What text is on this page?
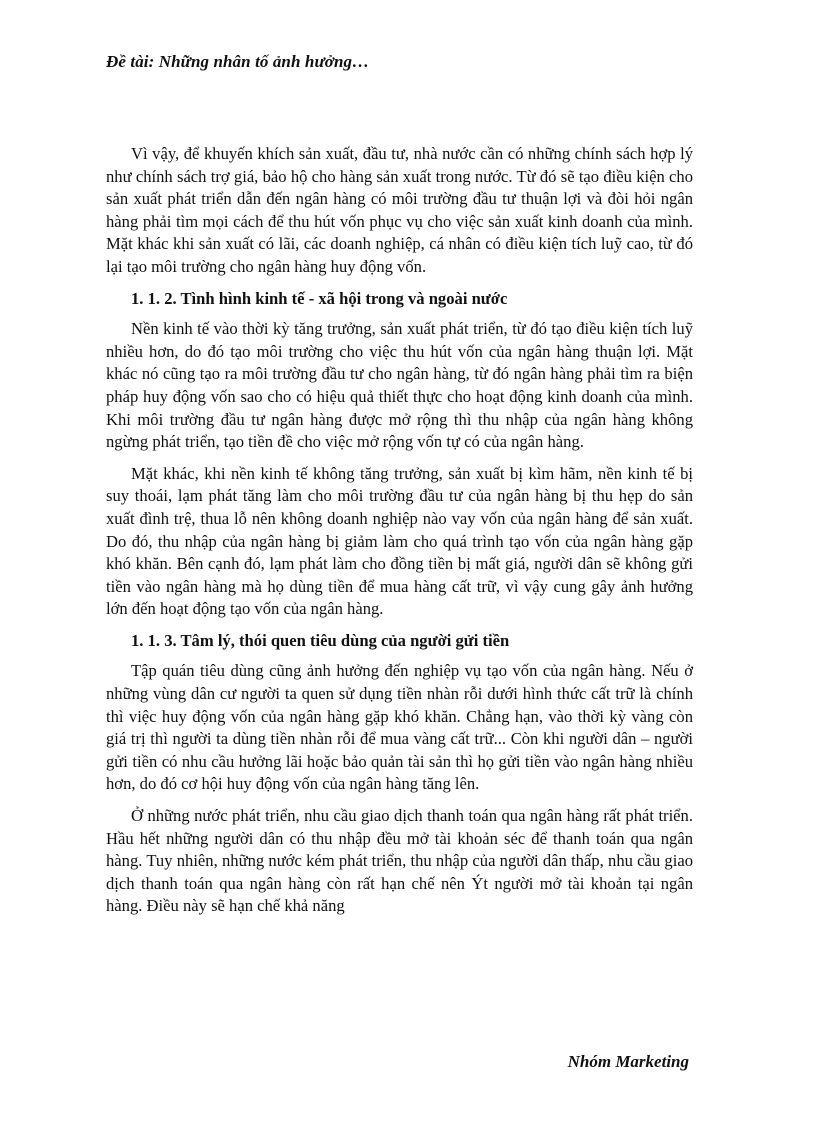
Đề tài: Những nhân tố ảnh hưởng…

Vì vậy, để khuyến khích sản xuất, đầu tư, nhà nước cần có những chính sách hợp lý như chính sách trợ giá, bảo hộ cho hàng sản xuất trong nước. Từ đó sẽ tạo điều kiện cho sản xuất phát triển dẫn đến ngân hàng có môi trường đầu tư thuận lợi và đòi hỏi ngân hàng phải tìm mọi cách để thu hút vốn phục vụ cho việc sản xuất kinh doanh của mình. Mặt khác khi sản xuất có lãi, các doanh nghiệp, cá nhân có điều kiện tích luỹ cao, từ đó lại tạo môi trường cho ngân hàng huy động vốn.

1. 1. 2. Tình hình kinh tế - xã hội trong và ngoài nước

Nền kinh tế vào thời kỳ tăng trưởng, sản xuất phát triển, từ đó tạo điều kiện tích luỹ nhiều hơn, do đó tạo môi trường cho việc thu hút vốn của ngân hàng thuận lợi. Mặt khác nó cũng tạo ra môi trường đầu tư cho ngân hàng, từ đó ngân hàng phải tìm ra biện pháp huy động vốn sao cho có hiệu quả thiết thực cho hoạt động kinh doanh của mình. Khi môi trường đầu tư ngân hàng được mở rộng thì thu nhập của ngân hàng không ngừng phát triển, tạo tiền đề cho việc mở rộng vốn tự có của ngân hàng.

Mặt khác, khi nền kinh tế không tăng trưởng, sản xuất bị kìm hãm, nền kinh tế bị suy thoái, lạm phát tăng làm cho môi trường đầu tư của ngân hàng bị thu hẹp do sản xuất đình trệ, thua lỗ nên không doanh nghiệp nào vay vốn của ngân hàng để sản xuất. Do đó, thu nhập của ngân hàng bị giảm làm cho quá trình tạo vốn của ngân hàng gặp khó khăn. Bên cạnh đó, lạm phát làm cho đồng tiền bị mất giá, người dân sẽ không gửi tiền vào ngân hàng mà họ dùng tiền để mua hàng cất trữ, vì vậy cung gây ảnh hưởng lớn đến hoạt động tạo vốn của ngân hàng.

1. 1. 3. Tâm lý, thói quen tiêu dùng của người gửi tiền

Tập quán tiêu dùng cũng ảnh hưởng đến nghiệp vụ tạo vốn của ngân hàng. Nếu ở những vùng dân cư người ta quen sử dụng tiền nhàn rỗi dưới hình thức cất trữ là chính thì việc huy động vốn của ngân hàng gặp khó khăn. Chẳng hạn, vào thời kỳ vàng còn giá trị thì người ta dùng tiền nhàn rỗi để mua vàng cất trữ... Còn khi người dân – người gửi tiền có nhu cầu hưởng lãi hoặc bảo quản tài sản thì họ gửi tiền vào ngân hàng nhiều hơn, do đó cơ hội huy động vốn của ngân hàng tăng lên.

Ở những nước phát triển, nhu cầu giao dịch thanh toán qua ngân hàng rất phát triển. Hầu hết những người dân có thu nhập đều mở tài khoản séc để thanh toán qua ngân hàng. Tuy nhiên, những nước kém phát triển, thu nhập của người dân thấp, nhu cầu giao dịch thanh toán qua ngân hàng còn rất hạn chế nên Ýt người mở tài khoản tại ngân hàng. Điều này sẽ hạn chế khả năng

Nhóm Marketing
